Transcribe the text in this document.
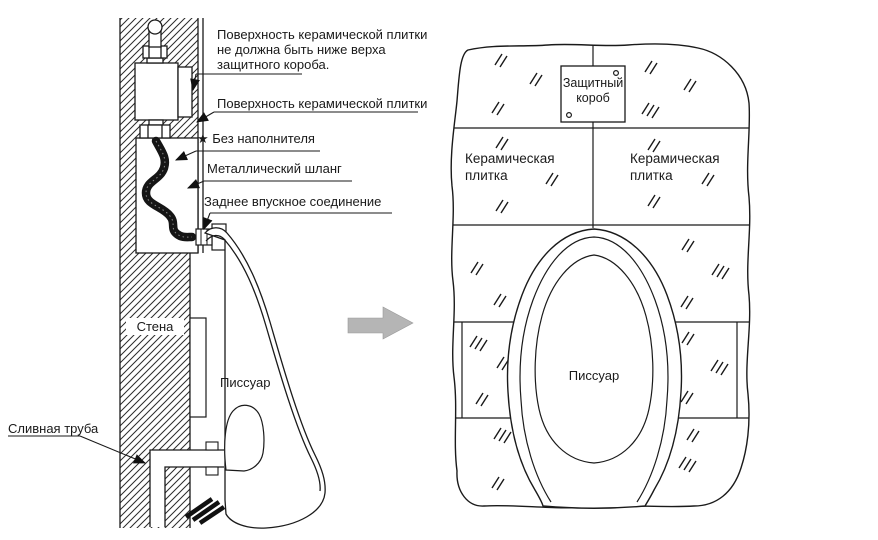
Поверхность керамической плитки
не должна быть ниже верха
защитного короба.
Поверхность керамической плитки
★ Без наполнителя
Металлический шланг
Заднее впускное соединение
Стена
Писсуар
Сливная труба
Защитный короб
Керамическая плитка
Керамическая плитка
Писсуар
